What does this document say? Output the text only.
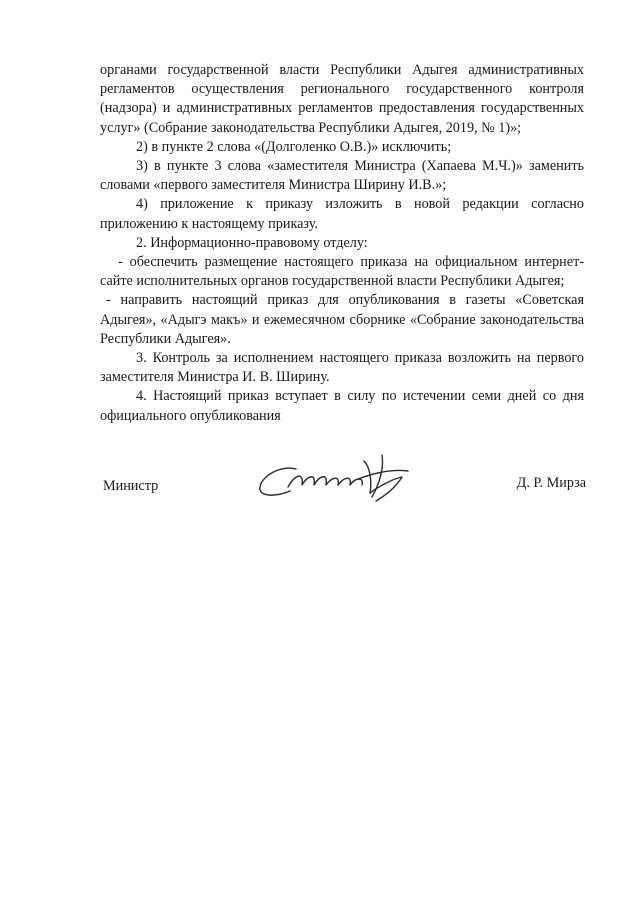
органами государственной власти Республики Адыгея административных регламентов осуществления регионального государственного контроля (надзора) и административных регламентов предоставления государственных услуг» (Собрание законодательства Республики Адыгея, 2019, № 1)»;

2) в пункте 2 слова «(Долголенко О.В.)» исключить;

3) в пункте 3 слова «заместителя Министра (Хапаева М.Ч.)» заменить словами «первого заместителя Министра Ширину И.В.»;

4) приложение к приказу изложить в новой редакции согласно приложению к настоящему приказу.

2. Информационно-правовому отделу:

- обеспечить размещение настоящего приказа на официальном интернет-сайте исполнительных органов государственной власти Республики Адыгея;

- направить настоящий приказ для опубликования в газеты «Советская Адыгея», «Адыгэ макъ» и ежемесячном сборнике «Собрание законодательства Республики Адыгея».

3. Контроль за исполнением настоящего приказа возложить на первого заместителя Министра И. В. Ширину.

4. Настоящий приказ вступает в силу по истечении семи дней со дня официального опубликования

Министр	Д. Р. Мирза
